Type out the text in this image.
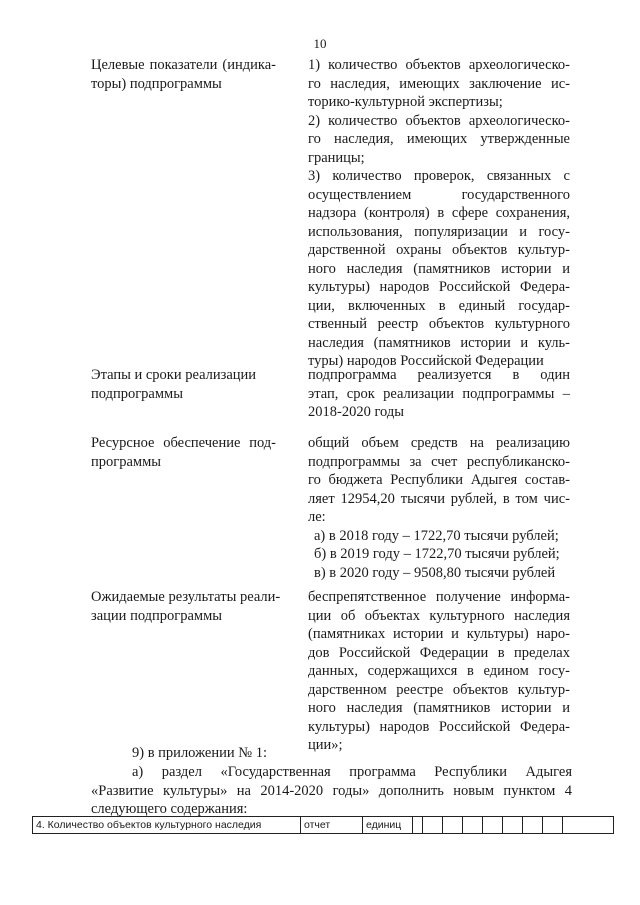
10
Целевые показатели (индика-
торы) подпрограммы
1) количество объектов археологическо-
го наследия, имеющих заключение ис-
торико-культурной экспертизы;
2) количество объектов археологическо-
го наследия, имеющих утвержденные
границы;
3) количество проверок, связанных с
осуществлением государственного
надзора (контроля) в сфере сохранения,
использования, популяризации и госу-
дарственной охраны объектов культур-
ного наследия (памятников истории и
культуры) народов Российской Федера-
ции, включенных в единый государ-
ственный реестр объектов культурного
наследия (памятников истории и куль-
туры) народов Российской Федерации
Этапы и сроки реализации
подпрограммы
подпрограмма реализуется в один
этап, срок реализации подпрограммы –
2018-2020 годы
Ресурсное обеспечение под-
программы
общий объем средств на реализацию
подпрограммы за счет республиканско-
го бюджета Республики Адыгея состав-
ляет 12954,20 тысячи рублей, в том чис-
ле:
а) в 2018 году – 1722,70 тысячи рублей;
б) в 2019 году – 1722,70 тысячи рублей;
в) в 2020 году – 9508,80 тысячи рублей
Ожидаемые результаты реали-
зации подпрограммы
беспрепятственное получение информа-
ции об объектах культурного наследия
(памятниках истории и культуры) наро-
дов Российской Федерации в пределах
данных, содержащихся в едином госу-
дарственном реестре объектов культур-
ного наследия (памятников истории и
культуры) народов Российской Федера-
ции»;
9) в приложении № 1:
а) раздел «Государственная программа Республики Адыгея
«Развитие культуры» на 2014-2020 годы» дополнить новым пунктом 4
следующего содержания:
4. Количество объектов культурного наследия	отчет	единиц
